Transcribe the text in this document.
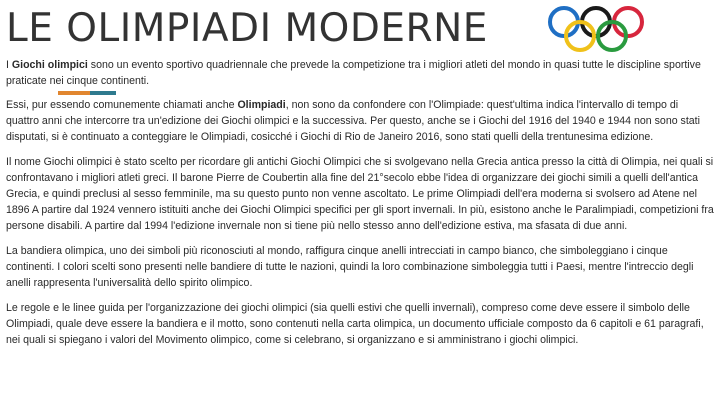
LE OLIMPIADI MODERNE

I Giochi olimpici sono un evento sportivo quadriennale che prevede la competizione tra i migliori atleti del mondo in quasi tutte le discipline sportive praticate nei cinque continenti.

Essi, pur essendo comunemente chiamati anche Olimpiadi, non sono da confondere con l'Olimpiade: quest'ultima indica l'intervallo di tempo di quattro anni che intercorre tra un'edizione dei Giochi olimpici e la successiva. Per questo, anche se i Giochi del 1916 del 1940 e 1944 non sono stati disputati, si è continuato a conteggiare le Olimpiadi, cosicché i Giochi di Rio de Janeiro 2016, sono stati quelli della trentunesima edizione.

Il nome Giochi olimpici è stato scelto per ricordare gli antichi Giochi Olimpici che si svolgevano nella Grecia antica presso la città di Olimpia, nei quali si confrontavano i migliori atleti greci. Il barone Pierre de Coubertin alla fine del 21°secolo ebbe l'idea di organizzare dei giochi simili a quelli dell'antica Grecia, e quindi preclusi al sesso femminile, ma su questo punto non venne ascoltato. Le prime Olimpiadi dell'era moderna si svolsero ad Atene nel 1896 A partire dal 1924 vennero istituiti anche dei Giochi Olimpici specifici per gli sport invernali. In più, esistono anche le Paralimpiadi, competizioni fra persone disabili. A partire dal 1994 l'edizione invernale non si tiene più nello stesso anno dell'edizione estiva, ma sfasata di due anni.

La bandiera olimpica, uno dei simboli più riconosciuti al mondo, raffigura cinque anelli intrecciati in campo bianco, che simboleggiano i cinque continenti. I colori scelti sono presenti nelle bandiere di tutte le nazioni, quindi la loro combinazione simboleggia tutti i Paesi, mentre l'intreccio degli anelli rappresenta l'universalità dello spirito olimpico.

Le regole e le linee guida per l'organizzazione dei giochi olimpici (sia quelli estivi che quelli invernali), compreso come deve essere il simbolo delle Olimpiadi, quale deve essere la bandiera e il motto, sono contenuti nella carta olimpica, un documento ufficiale composto da 6 capitoli e 61 paragrafi, nei quali si spiegano i valori del Movimento olimpico, come si celebrano, si organizzano e si amministrano i giochi olimpici.
